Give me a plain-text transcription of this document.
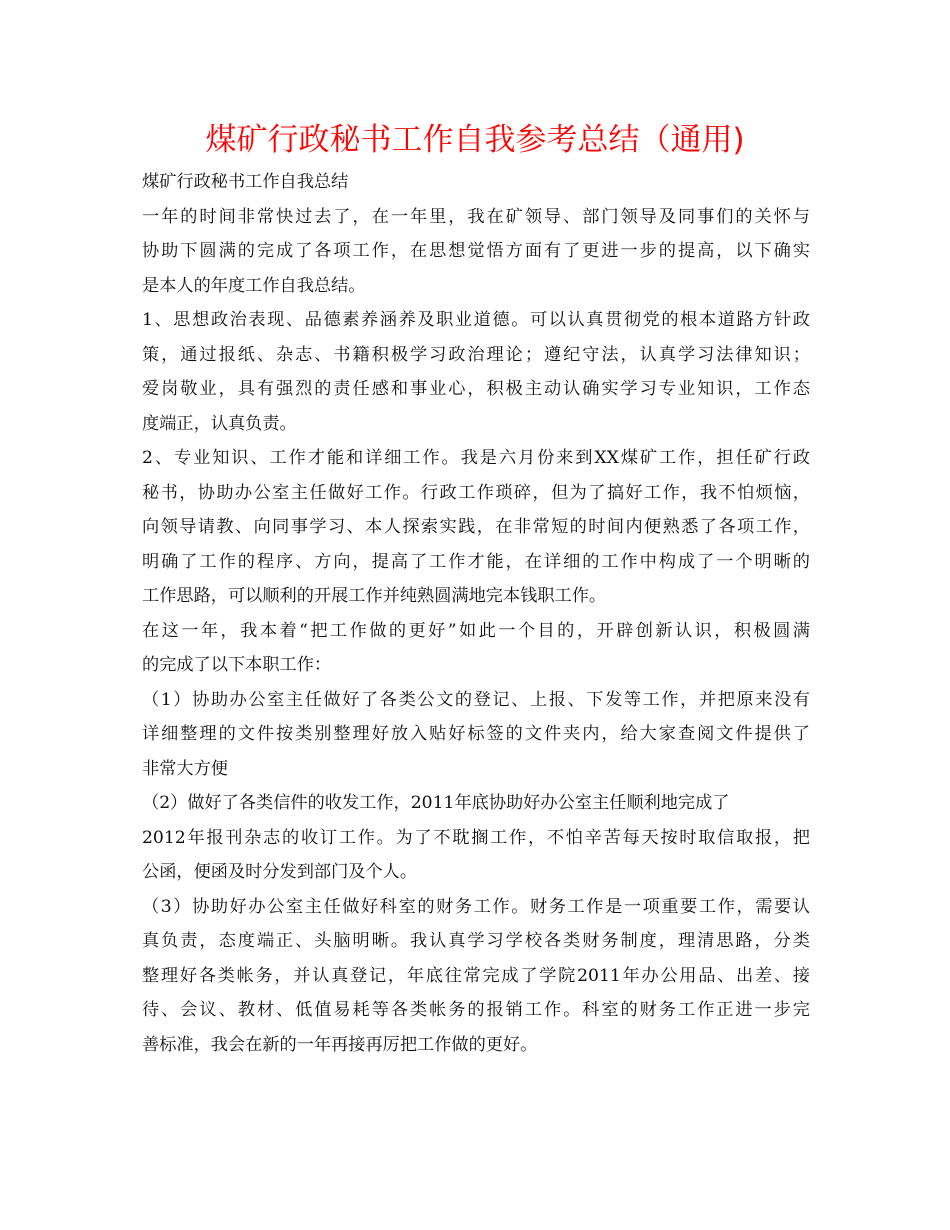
煤矿行政秘书工作自我参考总结（通用)
煤矿行政秘书工作自我总结
一年的时间非常快过去了，在一年里，我在矿领导、部门领导及同事们的关怀与
协助下圆满的完成了各项工作，在思想觉悟方面有了更进一步的提高，以下确实
是本人的年度工作自我总结。
1、思想政治表现、品德素养涵养及职业道德。可以认真贯彻党的根本道路方针政
策，通过报纸、杂志、书籍积极学习政治理论；遵纪守法，认真学习法律知识；
爱岗敬业，具有强烈的责任感和事业心，积极主动认确实学习专业知识，工作态
度端正，认真负责。
2、专业知识、工作才能和详细工作。我是六月份来到XX煤矿工作，担任矿行政
秘书，协助办公室主任做好工作。行政工作琐碎，但为了搞好工作，我不怕烦恼，
向领导请教、向同事学习、本人探索实践，在非常短的时间内便熟悉了各项工作，
明确了工作的程序、方向，提高了工作才能，在详细的工作中构成了一个明晰的
工作思路，可以顺利的开展工作并纯熟圆满地完本钱职工作。
在这一年，我本着“把工作做的更好”如此一个目的，开辟创新认识，积极圆满
的完成了以下本职工作：
（1）协助办公室主任做好了各类公文的登记、上报、下发等工作，并把原来没有
详细整理的文件按类别整理好放入贴好标签的文件夹内，给大家查阅文件提供了
非常大方便
（2）做好了各类信件的收发工作，2011年底协助好办公室主任顺利地完成了
2012年报刊杂志的收订工作。为了不耽搁工作，不怕辛苦每天按时取信取报，把
公函，便函及时分发到部门及个人。
（3）协助好办公室主任做好科室的财务工作。财务工作是一项重要工作，需要认
真负责，态度端正、头脑明晰。我认真学习学校各类财务制度，理清思路，分类
整理好各类帐务，并认真登记，年底往常完成了学院2011年办公用品、出差、接
待、会议、教材、低值易耗等各类帐务的报销工作。科室的财务工作正进一步完
善标准，我会在新的一年再接再厉把工作做的更好。
